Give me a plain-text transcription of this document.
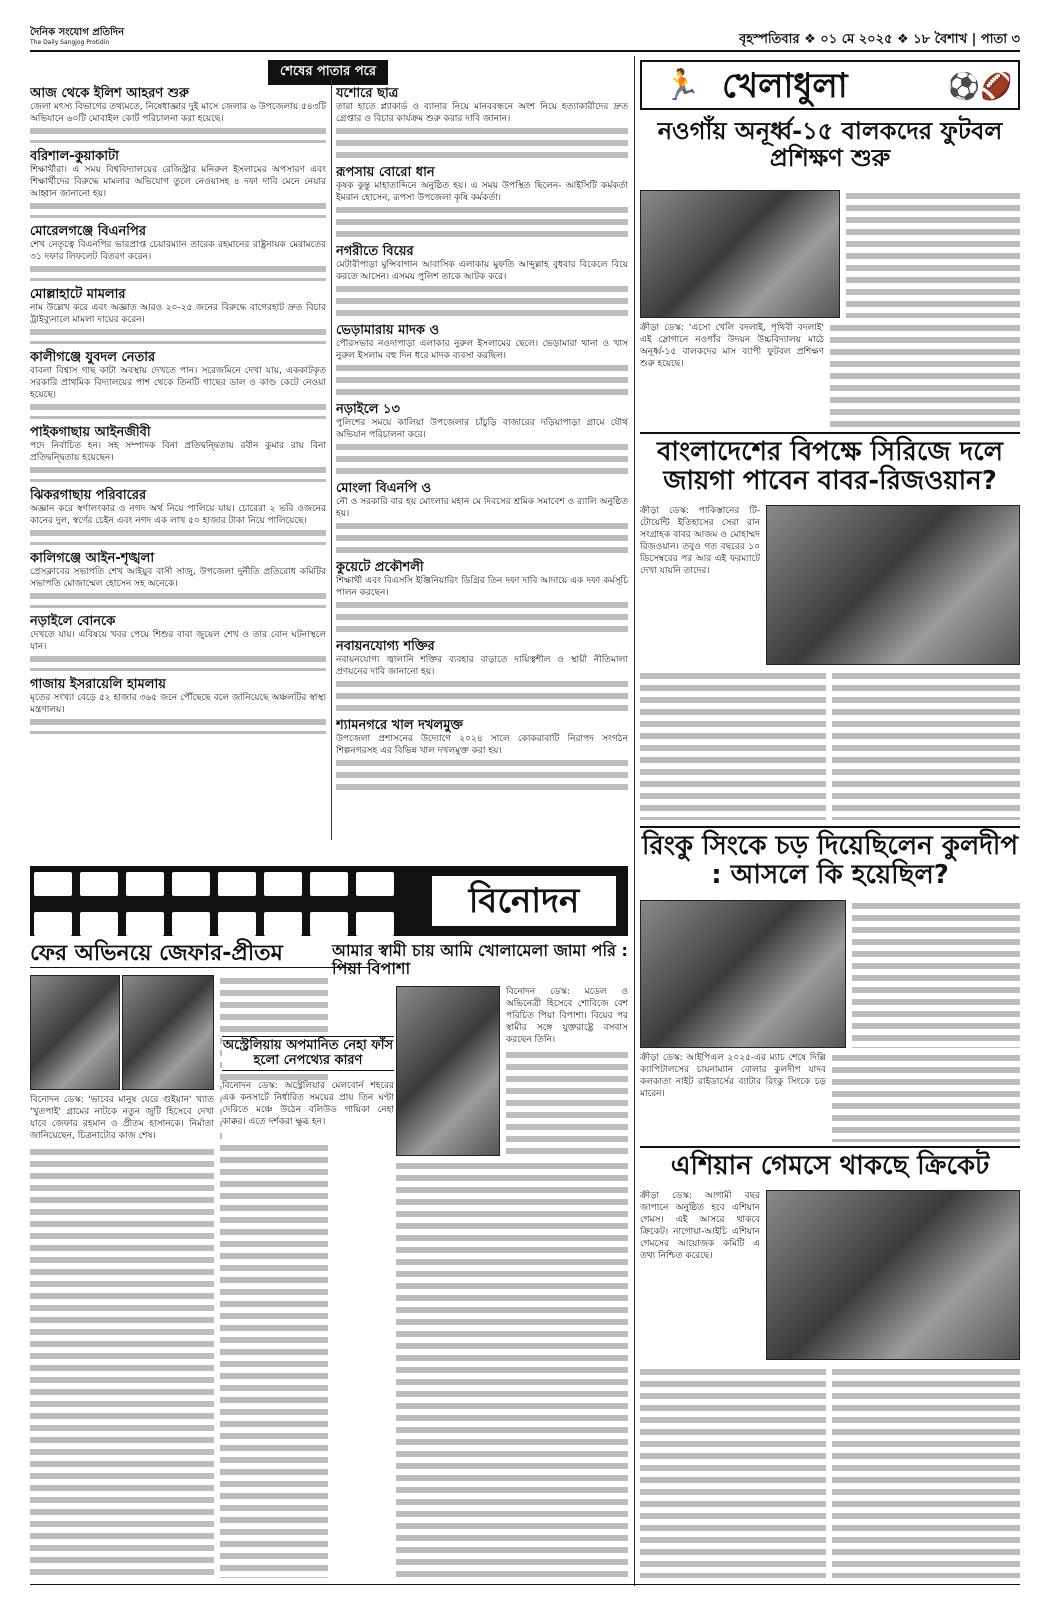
দৈনিক সংযোগ প্রতিদিন
The Daily Sangjog Protidin	বৃহস্পতিবার ❖ ০১ মে ২০২৫ ❖ ১৮ বৈশাখ | পাতা ৩
শেষের পাতার পরে
আজ থেকে ইলিশ আহরণ শুরু
জেলা মৎস্য বিভাগের তথ্যমতে, নিষেধাজ্ঞার দুই মাসে জেলার ৬ উপজেলায় ৫৪৩টি অভিযানে ৬০টি মোবাইল কোর্ট পরিচালনা করা হয়েছে।
বরিশাল-কুয়াকাটা
শিক্ষার্থীরা। এ সময় বিশ্ববিদ্যালয়ের রেজিস্ট্রার মনিরুল ইসলামের অপসারণ এবং শিক্ষার্থীদের বিরুদ্ধে মামলার অভিযোগ তুলে নেওয়াসহ ৪ দফা দাবি মেনে নেয়ার আহ্বান জানানো হয়।
মোরেলগঞ্জে বিএনপির
শেখ নেতৃত্বে বিএনপির ভারপ্রাপ্ত চেয়ারম্যান তারেক রহমানের রাষ্ট্রনায়ক মেরামতের ৩১ দফার লিফলেট বিতরণ করেন।
মোল্লাহাটে মামলার
নাম উল্লেখ করে এবং অজ্ঞাত আরও ২০-২৫ জনের বিরুদ্ধে বাগেরহাট দ্রুত বিচার ট্রাইব্যুনালে মামলা দায়ের করেন।
কালীগঞ্জে যুবদল নেতার
বাবলা বিশ্বাস গাছ কাটা অবস্থায় দেখতে পান। সরেজমিনে দেখা যায়, এককাটকৃত সরকারি প্রাথমিক বিদ্যালয়ের পাশ থেকে তিনটি গাছের ডাল ও কাণ্ড কেটে নেওয়া হয়েছে।
পাইকগাছায় আইনজীবী
পদে নির্বাচিত হন। সহ সম্পাদক বিনা প্রতিদ্বন্দ্বিতায় রবীন কুমার রায় বিনা প্রতিদ্বন্দ্বিতায় হয়েছেন।
ঝিকরগাছায় পরিবারের
অজ্ঞান করে স্বর্ণালংকার ও নগদ অর্থ নিয়ে পালিয়ে যায়। চোরেরা ২ ভরি ওজনের কানের দুল, স্বর্ণের চেইন এবং নগদ এক লাখ ৫০ হাজার টাকা নিয়ে পালিয়েছে।
কালিগঞ্জে আইন-শৃঙ্খলা
প্রেসক্লাবের সভাপতি শেখ আইয়ুব বাসী সাজু, উপজেলা দুর্নীতি প্রতিরোধ কমিটির সভাপতি মোজাম্মেল হোসেন সহ অনেকে।
নড়াইলে বোনকে
দেখতে যায়। এবিষয়ে খবর পেয়ে শিশুর বাবা জুয়েল শেখ ও তার বোন ঘটনাস্থলে যান।
গাজায় ইসরায়েলি হামলায়
মৃতের সংখ্যা বেড়ে ৫২ হাজার ৩৬৫ জনে পৌঁছেছে বলে জানিয়েছে অঞ্চলটির স্বাস্থ্য মন্ত্রণালয়।
যশোরে ছাত্র
তারা হাতে প্ল্যাকার্ড ও ব্যানার নিয়ে মানববন্ধনে অংশ নিয়ে হত্যাকারীদের দ্রুত গ্রেপ্তার ও বিচার কার্যক্রম শুরু করার দাবি জানান।
রূপসায় বোরো ধান
কৃষক কুন্তু মাহাতাব্দিনে অনুষ্ঠিত হয়। এ সময় উপস্থিত ছিলেন- আইসিটি কর্মকর্তা ইমরান হোসেন, রূপসা উপজেলা কৃষি কর্মকর্তা।
নগরীতে বিয়ের
মেটারীপাড়া মুন্সিবাগান আবাসিক এলাকায় মুফতি আব্দুল্লাহ বুধবার বিকেলে বিয়ে করতে আসেন। এসময় পুলিশ তাকে আটক করে।
ভেড়ামারায় মাদক ও
পৌরসভার নওদাপাড়া এলাকার নুরুল ইসলামের ছেলে। ভেড়ামারা থানা ও খাস নুরুল ইসলাম বহু দিন ধরে মাদক ব্যবসা করছিল।
নড়াইলে ১৩
পুলিশের সময়ে কালিয়া উপজেলার চাঁচুড়ি বাজারের দড়িয়াপাড়া গ্রামে যৌথ অভিযান পরিচালনা করে।
মোংলা বিএনপি ও
নৌ ও সরকারি বার হয় মোংলার মহান মে দিবসের শ্রমিক সমাবেশ ও র‍্যালি অনুষ্ঠিত হয়।
কুয়েটে প্রকৌশলী
শিক্ষার্থী এবং বিএসসি ইঞ্জিনিয়ারিং ডিগ্রির তিন দফা দাবি আদায়ে এক দফা কর্মসূচি পালন করছেন।
নবায়নযোগ্য শক্তির
নবায়নযোগ্য জ্বালানি শক্তির ব্যবহার বাড়াতে দায়িত্বশীল ও স্থায়ী নীতিমালা প্রণয়নের দাবি জানানো হয়।
শ্যামনগরে খাল দখলমুক্ত
উপজেলা প্রশাসনের উদ্যোগে ২০২৪ সালে কোকরাবাটি নিরাপদ সংগঠন শিল্পনগরসহ এর বিভিন্ন খাল দখলমুক্ত করা হয়।

বিনোদন
ফের অভিনয়ে জেফার-প্রীতম
বিনোদন ডেস্ক: 'ভাবের মানুষ যেরে গুইয়ান' খ্যাত 'খুতপাই' গ্রামের নাটকে নতুন জুটি হিসেবে দেখা যাবে জেফার রহমান ও প্রীতম হাসানকে। নির্মাতা জানিয়েছেন, চিত্রনাট্যের কাজ শেষ।
আমার স্বামী চায় আমি খোলামেলা জামা পরি : পিয়া বিপাশা
বিনোদন ডেস্ক: মডেল ও অভিনেত্রী হিসেবে শোবিজে বেশ পরিচিত পিয়া বিপাশা। বিয়ের পর স্বামীর সঙ্গে যুক্তরাষ্ট্রে বসবাস করছেন তিনি।
অস্ট্রেলিয়ায় অপমানিত নেহা ফাঁস হলো নেপথ্যের কারণ
বিনোদন ডেস্ক: অস্ট্রেলিয়ার মেলবোর্ন শহরের এক কনসার্টে নির্ধারিত সময়ের প্রায় তিন ঘণ্টা দেরিতে মঞ্চে উঠেন বলিউড গায়িকা নেহা কাক্কর। এতে দর্শকরা ক্ষুব্ধ হন।
🏃 খেলাধুলা	⚽🏈
নওগাঁয় অনূর্ধ্ব-১৫ বালকদের ফুটবল প্রশিক্ষণ শুরু
ক্রীড়া ডেস্ক: 'এসো খেলি বদলাই, পৃথিবী বদলাই' এই স্লোগানে নওগাঁর উদয়ন উচ্চবিদ্যালয় মাঠে অনূর্ধ্ব-১৫ বালকদের মাস ব্যাপী ফুটবল প্রশিক্ষণ শুরু হয়েছে।
বাংলাদেশের বিপক্ষে সিরিজে দলে জায়গা পাবেন বাবর-রিজওয়ান?
ক্রীড়া ডেস্ক: পাকিস্তানের টি-টোয়েন্টি ইতিহাসের সেরা রান সংগ্রাহক বাবর আজম ও মোহাম্মদ রিজওয়ান। তবুও গত বছরের ১০ ডিসেম্বরের পর আর এই ফরম্যাটে দেখা যায়নি তাদের।
রিংকু সিংকে চড় দিয়েছিলেন কুলদীপ : আসলে কি হয়েছিল?
ক্রীড়া ডেস্ক: আইপিএল ২০২৫-এর ম্যাচ শেষে দিল্লি ক্যাপিটালসের চায়নাম্যান বোলার কুলদীপ যাদব কলকাতা নাইট রাইডার্সের ব্যাটার রিংকু সিংকে চড় মারেন।
এশিয়ান গেমসে থাকছে ক্রিকেট
ক্রীড়া ডেস্ক: আগামী বছর জাপানে অনুষ্ঠিত হবে এশিয়ান গেমস। এই আসরে থাকবে ক্রিকেট। নাগোয়া-আইচি এশিয়ান গেমসের আয়োজক কমিটি এ তথ্য নিশ্চিত করেছে।
